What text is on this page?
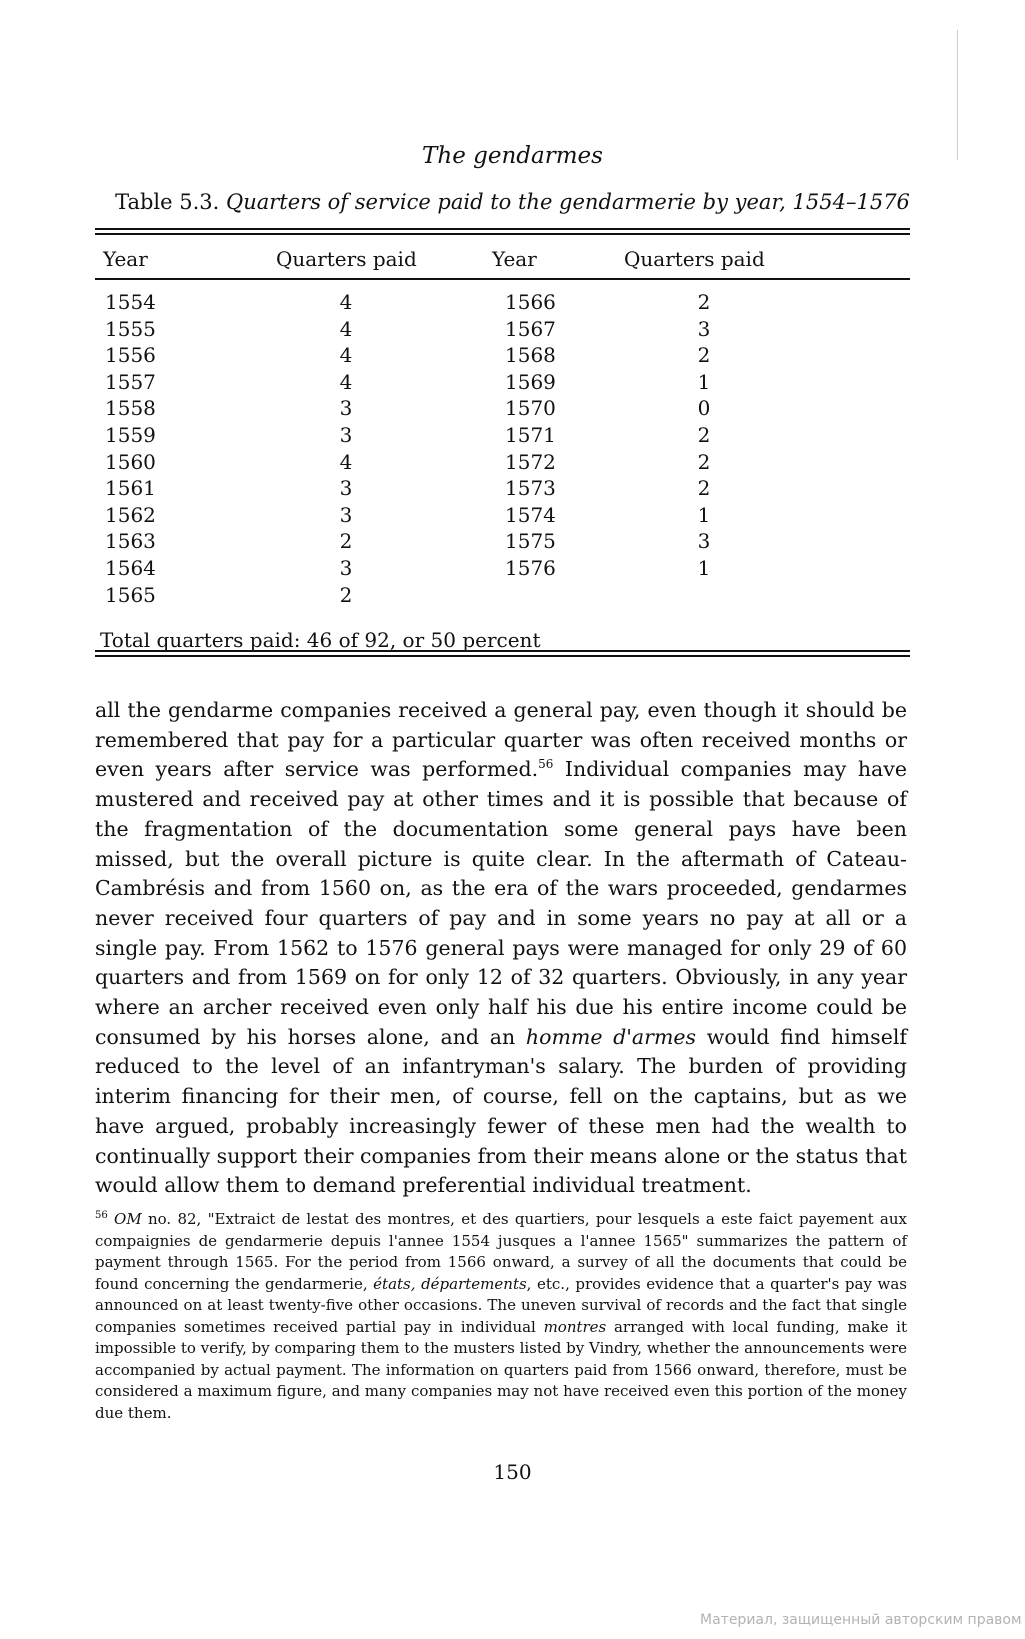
The gendarmes
Table 5.3. Quarters of service paid to the gendarmerie by year, 1554–1576
Year	Quarters paid	Year	Quarters paid
1554	4	1566	2
1555	4	1567	3
1556	4	1568	2
1557	4	1569	1
1558	3	1570	0
1559	3	1571	2
1560	4	1572	2
1561	3	1573	2
1562	3	1574	1
1563	2	1575	3
1564	3	1576	1
1565	2
Total quarters paid: 46 of 92, or 50 percent
all the gendarme companies received a general pay, even though it should be remembered that pay for a particular quarter was often received months or even years after service was performed.$^{56}$ Individual companies may have mustered and received pay at other times and it is possible that because of the fragmentation of the documentation some general pays have been missed, but the overall picture is quite clear. In the aftermath of Cateau-Cambrésis and from 1560 on, as the era of the wars proceeded, gendarmes never received four quarters of pay and in some years no pay at all or a single pay. From 1562 to 1576 general pays were managed for only 29 of 60 quarters and from 1569 on for only 12 of 32 quarters. Obviously, in any year where an archer received even only half his due his entire income could be consumed by his horses alone, and an homme d'armes would find himself reduced to the level of an infantryman's salary. The burden of providing interim financing for their men, of course, fell on the captains, but as we have argued, probably increasingly fewer of these men had the wealth to continually support their companies from their means alone or the status that would allow them to demand preferential individual treatment.
$^{56}$ OM no. 82, "Extraict de lestat des montres, et des quartiers, pour lesquels a este faict payement aux compaignies de gendarmerie depuis l'annee 1554 jusques a l'annee 1565" summarizes the pattern of payment through 1565. For the period from 1566 onward, a survey of all the documents that could be found concerning the gendarmerie, états, départements, etc., provides evidence that a quarter's pay was announced on at least twenty-five other occasions. The uneven survival of records and the fact that single companies sometimes received partial pay in individual montres arranged with local funding, make it impossible to verify, by comparing them to the musters listed by Vindry, whether the announcements were accompanied by actual payment. The information on quarters paid from 1566 onward, therefore, must be considered a maximum figure, and many companies may not have received even this portion of the money due them.
150
Материал, защищенный авторским правом
